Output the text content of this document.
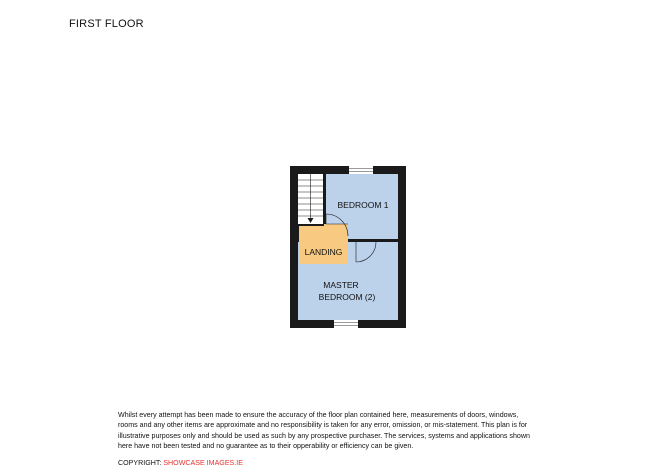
FIRST FLOOR
BEDROOM 1
LANDING
MASTER
BEDROOM (2)
Whilst every attempt has been made to ensure the accuracy of the floor plan contained here, measurements of doors, windows,
rooms and any other items are approximate and no responsibility is taken for any error, omission, or mis-statement. This plan is for
illustrative purposes only and should be used as such by any prospective purchaser. The services, systems and applications shown
here have not been tested and no guarantee as to their opperability or efficiency can be given.
COPYRIGHT: SHOWCASE IMAGES.IE
